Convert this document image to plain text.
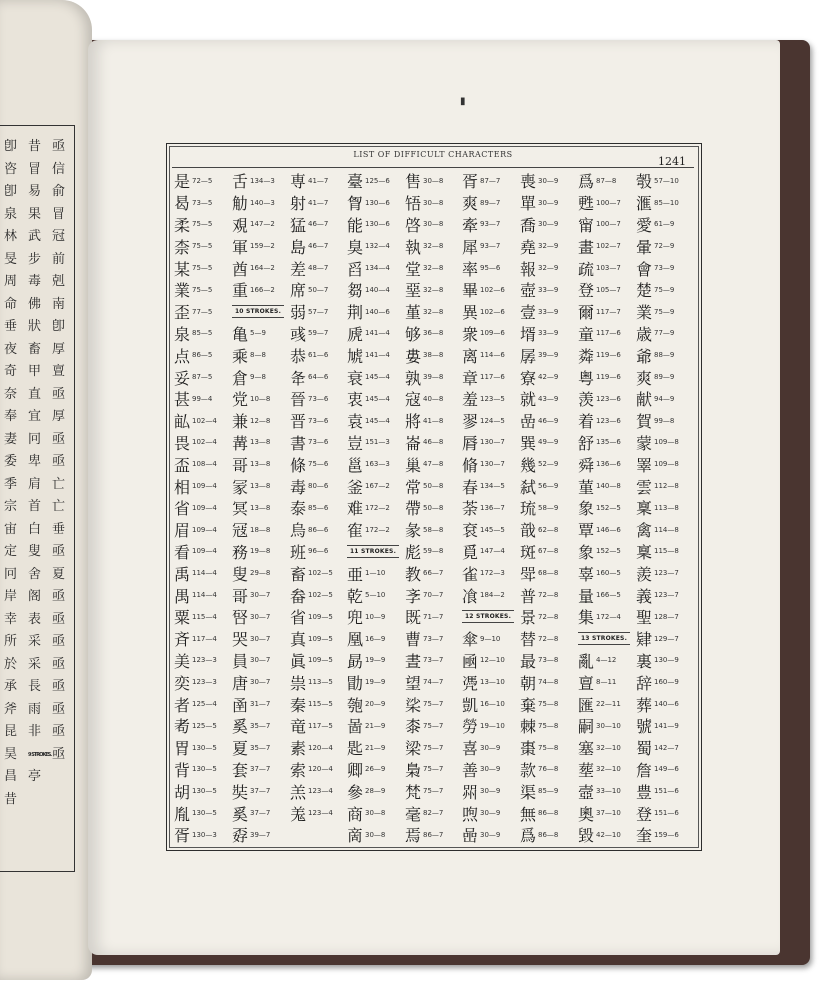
卽
咨
卽
泉
林
旻
周
命
垂
夜
奇
奈
奉
妻
委
季
宗
宙
定
冋
岸
幸
所
於
承
斧
昆
昊
昌
昔
昔
冒
易
果
武
步
毒
佛
狀
畜
甲
直
宜
冋
卑
肩
首
白
叟
舍
阁
表
采
采
長
雨
非
9 STROKES.
亭
亟
信
俞
冒
冠
前
剋
南
卽
厚
亶
亟
厚
亟
亟
亡
亡
垂
亟
夏
亟
亟
亟
亟
亟
亟
亟
亟
▮
LIST OF DIFFICULT CHARACTERS
1241
是 72—5
曷 73—5
柔 75—5
柰 75—5
某 75—5
業 75—5
歪 77—5
泉 85—5
点 86—5
妥 87—5
甚 99—4
畆 102—4
畏 102—4
盃 108—4
相 109—4
省 109—4
眉 109—4
看 109—4
禹 114—4
禺 114—4
粟 115—4
斉 117—4
美 123—3
奕 123—3
者 125—4
耇 125—5
胃 130—5
背 130—5
胡 130—5
胤 130—5
胥 130—3
舌 134—3
觔 140—3
覌 147—2
軍 159—2
酋 164—2
重 166—2
10 STROKES.
亀 5—9
乘 8—8
倉 9—8
党 10—8
兼 12—8
冓 13—8
哥 13—8
冡 13—8
冥 13—8
冦 18—8
務 19—8
叟 29—8
哥 30—7
唘 30—7
哭 30—7
員 30—7
唐 30—7
圅 31—7
奚 35—7
夏 35—7
套 37—7
奘 37—7
奚 37—7
孬 39—7
専 41—7
射 41—7
猛 46—7
島 46—7
差 48—7
席 50—7
弱 57—7
彧 59—7
恭 61—6
夅 64—6
晉 73—6
晋 73—6
書 73—6
條 75—6
毒 80—6
泰 85—6
烏 86—6
班 96—6
畜 102—5
畚 102—5
省 109—5
真 109—5
眞 109—5
祟 113—5
秦 115—5
竜 117—5
素 120—4
索 120—4
羔 123—4
羗 123—4
臺 125—6
胷 130—6
能 130—6
臭 132—4
舀 134—4
芻 140—4
荆 140—6
虒 141—4
虓 141—4
衰 145—4
衷 145—4
袁 145—4
豈 151—3
邕 163—3
釜 167—2
难 172—2
隺 172—2
11 STROKES.
亜 1—10
乾 5—10
兜 10—9
凰 16—9
勗 19—9
勖 19—9
匏 20—9
啚 21—9
匙 21—9
卿 26—9
參 28—9
商 30—8
啇 30—8
售 30—8
啎 30—8
啓 30—8
執 32—8
堂 32—8
堊 32—8
堇 32—8
够 36—8
婁 38—8
孰 39—8
寇 40—8
將 41—8
崙 46—8
巢 47—8
常 50—8
帶 50—8
彖 58—8
彪 59—8
教 66—7
斈 70—7
既 71—7
曹 73—7
晝 73—7
望 74—7
桬 75—7
桼 75—7
梁 75—7
梟 75—7
梵 75—7
毫 82—7
焉 86—7
胥 87—7
爽 89—7
牽 93—7
犀 93—7
率 95—6
畢 102—6
異 102—6
衆 109—6
离 114—6
章 117—6
羞 123—5
翏 124—5
脣 130—7
脩 130—7
春 134—5
荼 136—7
袞 145—5
覓 147—4
雀 172—3
飡 184—2
12 STROKES.
傘 9—10
凾 12—10
凴 13—10
凱 16—10
勞 19—10
喜 30—9
善 30—9
喌 30—9
喣 30—9
喦 30—9
喪 30—9
單 30—9
喬 30—9
堯 32—9
報 32—9
壺 33—9
壹 33—9
壻 33—9
孱 39—9
寮 42—9
就 43—9
嵒 46—9
巽 49—9
幾 52—9
弑 56—9
琉 58—9
戠 62—8
斑 67—8
斝 68—8
普 72—8
景 72—8
替 72—8
最 73—8
朝 74—8
棄 75—8
棘 75—8
棗 75—8
款 76—8
渠 85—9
無 86—8
爲 86—8
爲 87—8
甦 100—7
甯 100—7
畫 102—7
疏 103—7
登 105—7
爾 117—7
童 117—6
粦 119—6
粤 119—6
羡 123—6
着 123—6
舒 135—6
舜 136—6
菫 140—8
象 152—5
覃 146—6
象 152—5
辜 160—5
量 166—5
集 172—4
13 STROKES.
亂 4—12
亶 8—11
匯 22—11
嗣 30—10
塞 32—10
塟 32—10
壼 33—10
奧 37—10
毀 42—10
彀 57—10
滙 85—10
愛 61—9
暈 72—9
會 73—9
楚 75—9
業 75—9
歳 77—9
爺 88—9
爽 89—9
献 94—9
賀 99—8
蒙 109—8
睪 109—8
雲 112—8
稟 113—8
禽 114—8
稟 115—8
羨 123—7
義 123—7
聖 128—7
肄 129—7
裏 130—9
辞 160—9
葬 140—6
號 141—9
蜀 142—7
詹 149—6
豊 151—6
登 151—6
奎 159—6
